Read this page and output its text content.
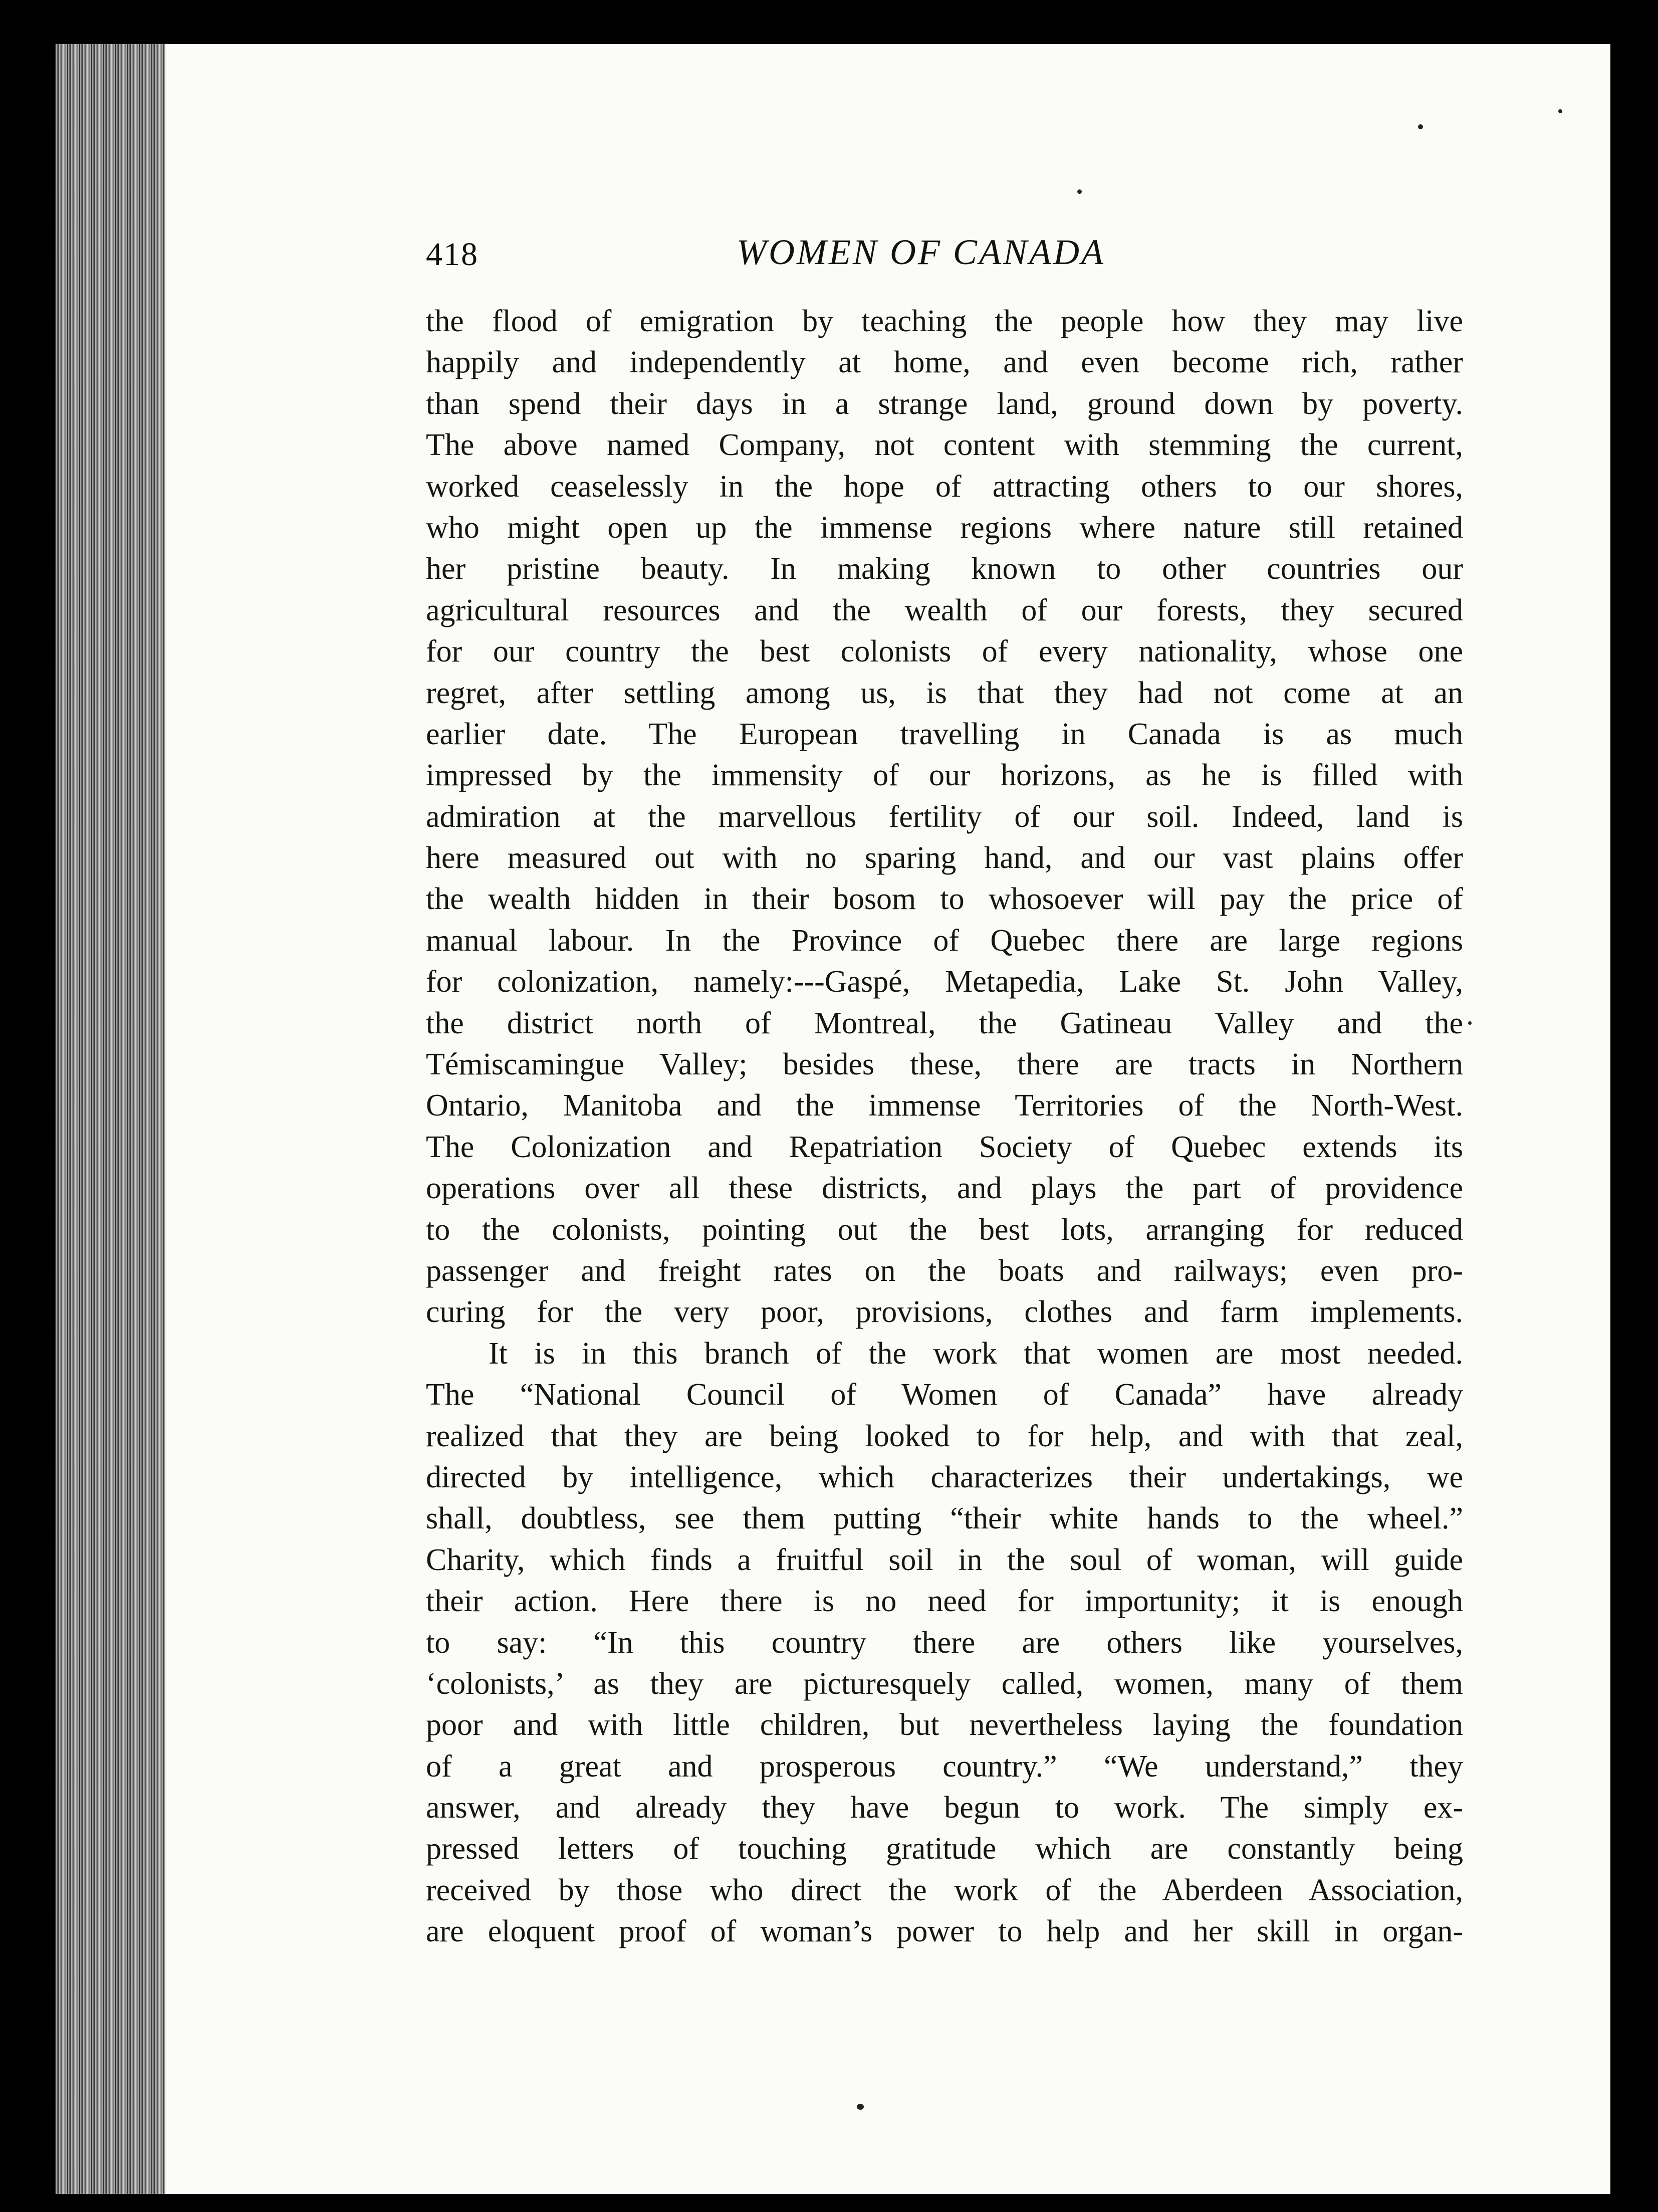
418	WOMEN OF CANADA
the flood of emigration by teaching the people how they may live
happily and independently at home, and even become rich, rather
than spend their days in a strange land, ground down by poverty.
The above named Company, not content with stemming the current,
worked ceaselessly in the hope of attracting others to our shores,
who might open up the immense regions where nature still retained
her pristine beauty. In making known to other countries our
agricultural resources and the wealth of our forests, they secured
for our country the best colonists of every nationality, whose one
regret, after settling among us, is that they had not come at an
earlier date. The European travelling in Canada is as much
impressed by the immensity of our horizons, as he is filled with
admiration at the marvellous fertility of our soil. Indeed, land is
here measured out with no sparing hand, and our vast plains offer
the wealth hidden in their bosom to whosoever will pay the price of
manual labour. In the Province of Quebec there are large regions
for colonization, namely:---Gaspé, Metapedia, Lake St. John Valley,
the district north of Montreal, the Gatineau Valley and the
Témiscamingue Valley; besides these, there are tracts in Northern
Ontario, Manitoba and the immense Territories of the North-West.
The Colonization and Repatriation Society of Quebec extends its
operations over all these districts, and plays the part of providence
to the colonists, pointing out the best lots, arranging for reduced
passenger and freight rates on the boats and railways; even pro-
curing for the very poor, provisions, clothes and farm implements.
It is in this branch of the work that women are most needed.
The “National Council of Women of Canada” have already
realized that they are being looked to for help, and with that zeal,
directed by intelligence, which characterizes their undertakings, we
shall, doubtless, see them putting “their white hands to the wheel.”
Charity, which finds a fruitful soil in the soul of woman, will guide
their action. Here there is no need for importunity; it is enough
to say: “In this country there are others like yourselves,
‘colonists,’ as they are picturesquely called, women, many of them
poor and with little children, but nevertheless laying the foundation
of a great and prosperous country.” “We understand,” they
answer, and already they have begun to work. The simply ex-
pressed letters of touching gratitude which are constantly being
received by those who direct the work of the Aberdeen Association,
are eloquent proof of woman’s power to help and her skill in organ-
